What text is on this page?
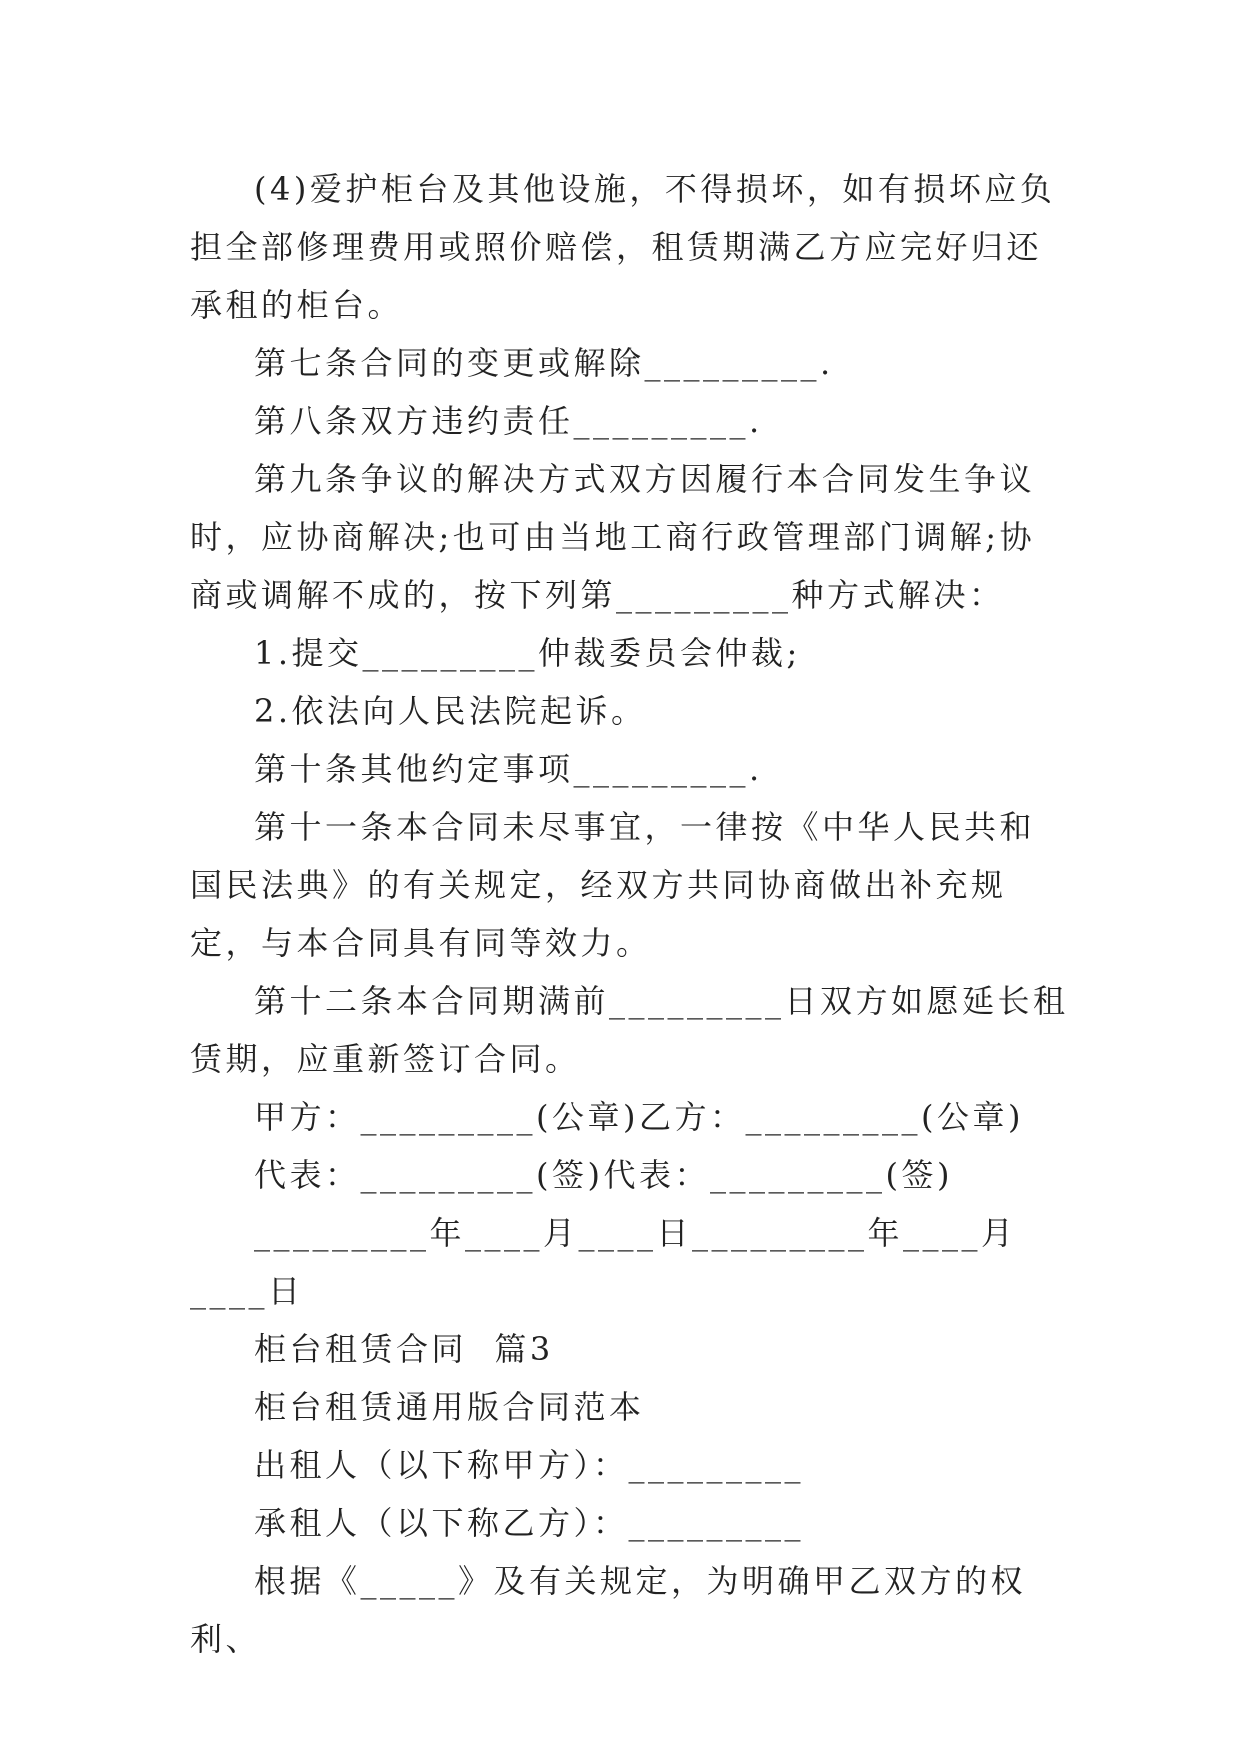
(4)爱护柜台及其他设施，不得损坏，如有损坏应负担全部修理费用或照价赔偿，租赁期满乙方应完好归还承租的柜台。

第七条合同的变更或解除_________.

第八条双方违约责任_________.

第九条争议的解决方式双方因履行本合同发生争议时，应协商解决;也可由当地工商行政管理部门调解;协商或调解不成的，按下列第_________种方式解决：

1.提交_________仲裁委员会仲裁;

2.依法向人民法院起诉。

第十条其他约定事项_________.

第十一条本合同未尽事宜，一律按《中华人民共和国民法典》的有关规定，经双方共同协商做出补充规定，与本合同具有同等效力。

第十二条本合同期满前_________日双方如愿延长租赁期，应重新签订合同。

甲方：_________(公章)乙方：_________(公章)

代表：_________(签)代表：_________(签)

_________年____月____日_________年____月____日

柜台租赁合同  篇3

柜台租赁通用版合同范本

出租人（以下称甲方）：_________

承租人（以下称乙方）：_________

根据《_____》及有关规定，为明确甲乙双方的权利、
